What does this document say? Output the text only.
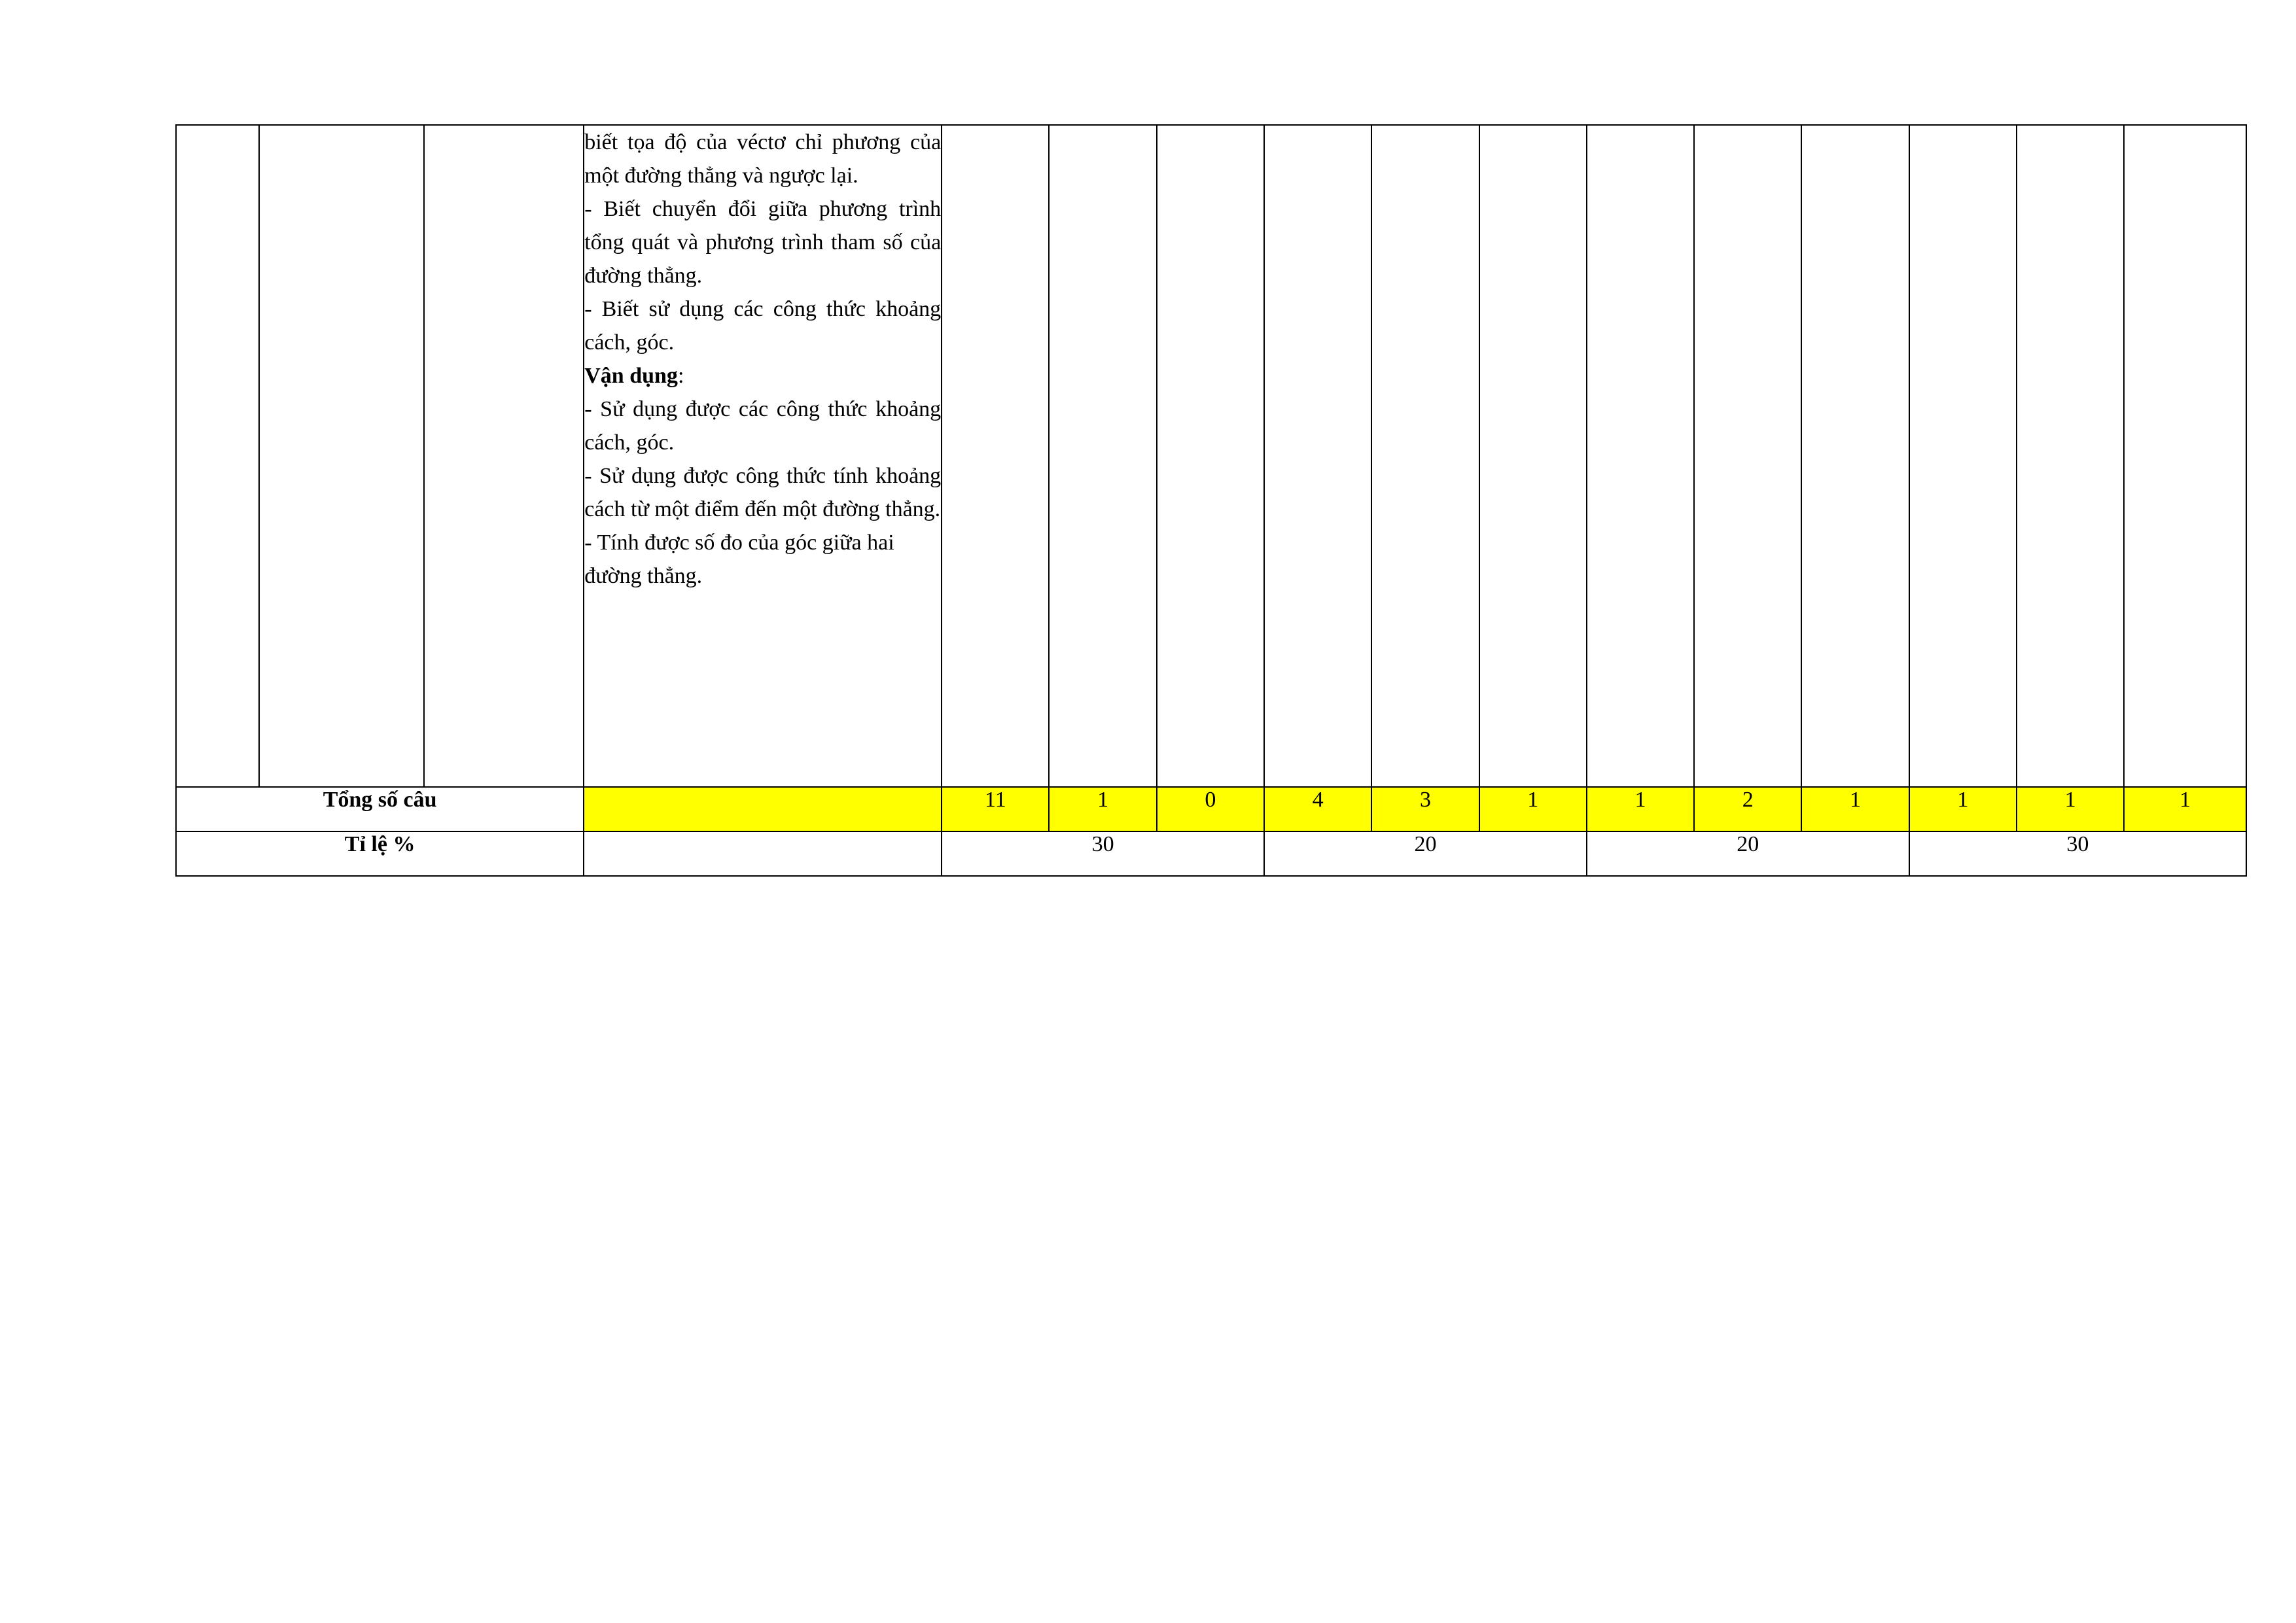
biết tọa độ của véctơ chỉ phương của một đường thẳng và ngược lại.

- Biết chuyển đổi giữa phương trình tổng quát và phương trình tham số của đường thẳng.

- Biết sử dụng các công thức khoảng cách, góc.

Vận dụng:

- Sử dụng được các công thức khoảng cách, góc.

- Sử dụng được công thức tính khoảng cách từ một điểm đến một đường thẳng.

- Tính được số đo của góc giữa hai đường thẳng.

Tổng số câu				11	1	0	4	3	1	1	2	1	1	1	1
Tỉ lệ %				30			20			20			30		
